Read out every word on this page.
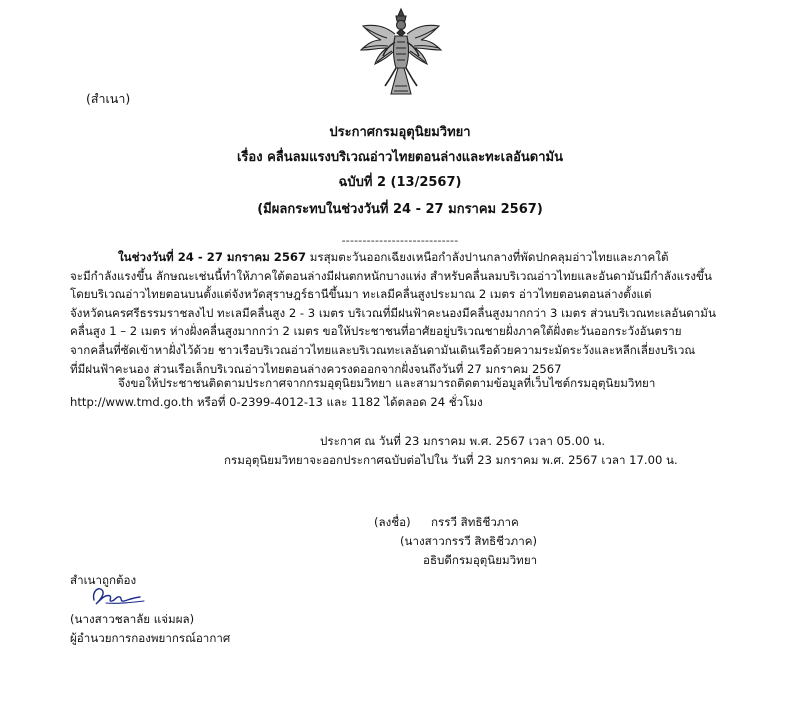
(สำเนา)
ประกาศกรมอุตุนิยมวิทยา
เรื่อง คลื่นลมแรงบริเวณอ่าวไทยตอนล่างและทะเลอันดามัน
ฉบับที่ 2 (13/2567)
(มีผลกระทบในช่วงวันที่ 24 - 27 มกราคม 2567)
----------------------------
ในช่วงวันที่ 24 - 27 มกราคม 2567 มรสุมตะวันออกเฉียงเหนือกำลังปานกลางที่พัดปกคลุมอ่าวไทยและภาคใต้
จะมีกำลังแรงขึ้น ลักษณะเช่นนี้ทำให้ภาคใต้ตอนล่างมีฝนตกหนักบางแห่ง สำหรับคลื่นลมบริเวณอ่าวไทยและอันดามันมีกำลังแรงขึ้น
โดยบริเวณอ่าวไทยตอนบนตั้งแต่จังหวัดสุราษฎร์ธานีขึ้นมา ทะเลมีคลื่นสูงประมาณ 2 เมตร อ่าวไทยตอนตอนล่างตั้งแต่
จังหวัดนครศรีธรรมราชลงไป ทะเลมีคลื่นสูง 2 - 3 เมตร บริเวณที่มีฝนฟ้าคะนองมีคลื่นสูงมากกว่า 3 เมตร ส่วนบริเวณทะเลอันดามัน
คลื่นสูง 1 – 2 เมตร ห่างฝั่งคลื่นสูงมากกว่า 2 เมตร ขอให้ประชาชนที่อาศัยอยู่บริเวณชายฝั่งภาคใต้ฝั่งตะวันออกระวังอันตราย
จากคลื่นที่ซัดเข้าหาฝั่งไว้ด้วย ชาวเรือบริเวณอ่าวไทยและบริเวณทะเลอันดามันเดินเรือด้วยความระมัดระวังและหลีกเลี่ยงบริเวณ
ที่มีฝนฟ้าคะนอง ส่วนเรือเล็กบริเวณอ่าวไทยตอนล่างควรงดออกจากฝั่งจนถึงวันที่ 27 มกราคม 2567
จึงขอให้ประชาชนติดตามประกาศจากกรมอุตุนิยมวิทยา และสามารถติดตามข้อมูลที่เว็บไซต์กรมอุตุนิยมวิทยา
http://www.tmd.go.th หรือที่ 0-2399-4012-13 และ 1182 ได้ตลอด 24 ชั่วโมง
ประกาศ ณ วันที่ 23 มกราคม พ.ศ. 2567 เวลา 05.00 น.
กรมอุตุนิยมวิทยาจะออกประกาศฉบับต่อไปใน วันที่ 23 มกราคม พ.ศ. 2567 เวลา 17.00 น.
(ลงชื่อ) กรรวี สิทธิชีวภาค
(นางสาวกรรวี สิทธิชีวภาค)
อธิบดีกรมอุตุนิยมวิทยา
สำเนาถูกต้อง
(นางสาวชลาลัย แจ่มผล)
ผู้อำนวยการกองพยากรณ์อากาศ
